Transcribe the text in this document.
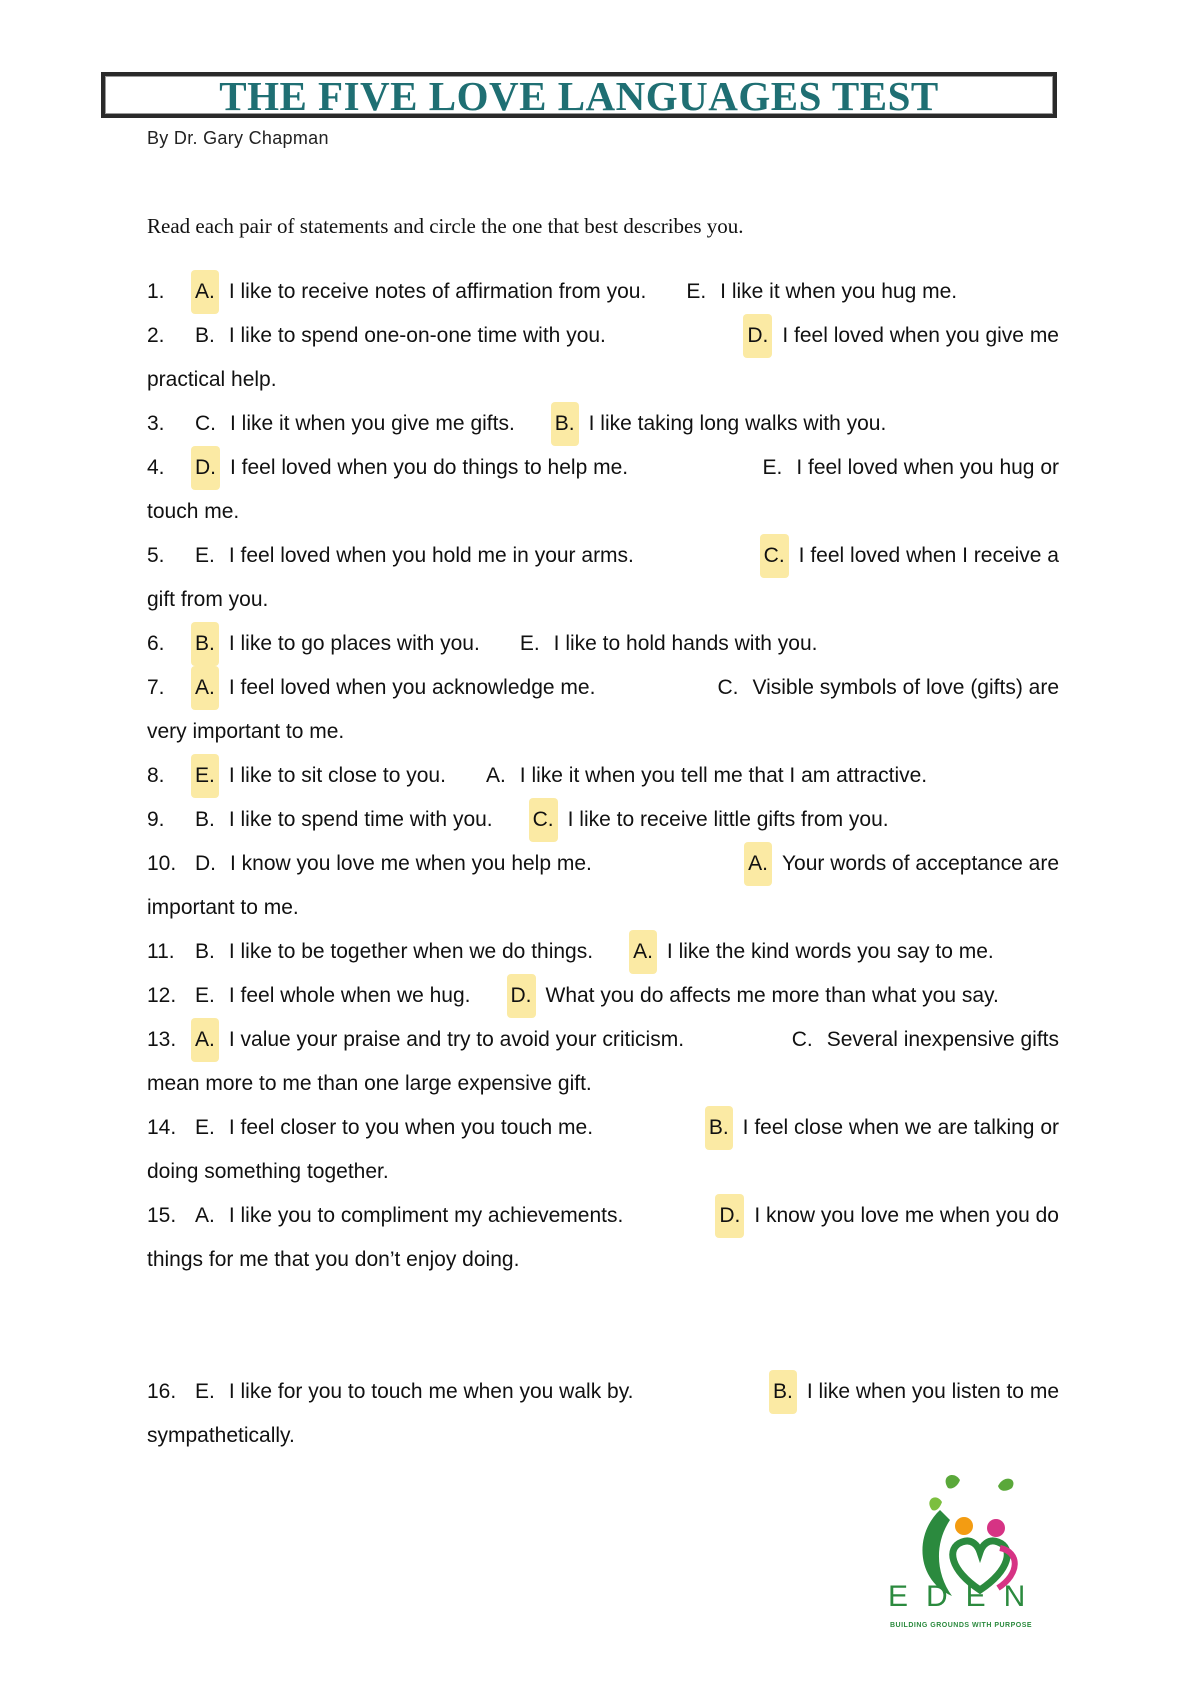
THE FIVE LOVE LANGUAGES TEST
By Dr. Gary Chapman
Read each pair of statements and circle the one that best describes you.
1. A. I like to receive notes of affirmation from you. E. I like it when you hug me.
2. B. I like to spend one-on-one time with you.	D. I feel loved when you give me
practical help.
3. C. I like it when you give me gifts. B. I like taking long walks with you.
4. D. I feel loved when you do things to help me.	E. I feel loved when you hug or
touch me.
5. E. I feel loved when you hold me in your arms.	C. I feel loved when I receive a
gift from you.
6. B. I like to go places with you. E. I like to hold hands with you.
7. A. I feel loved when you acknowledge me.	C. Visible symbols of love (gifts) are
very important to me.
8. E. I like to sit close to you. A. I like it when you tell me that I am attractive.
9. B. I like to spend time with you. C. I like to receive little gifts from you.
10. D. I know you love me when you help me.	A. Your words of acceptance are
important to me.
11. B. I like to be together when we do things. A. I like the kind words you say to me.
12. E. I feel whole when we hug. D. What you do affects me more than what you say.
13. A. I value your praise and try to avoid your criticism.	C. Several inexpensive gifts
mean more to me than one large expensive gift.
14. E. I feel closer to you when you touch me.	B. I feel close when we are talking or
doing something together.
15. A. I like you to compliment my achievements.	D. I know you love me when you do
things for me that you don’t enjoy doing.
16. E. I like for you to touch me when you walk by.	B. I like when you listen to me
sympathetically.
EDEN
BUILDING GROUNDS WITH PURPOSE
